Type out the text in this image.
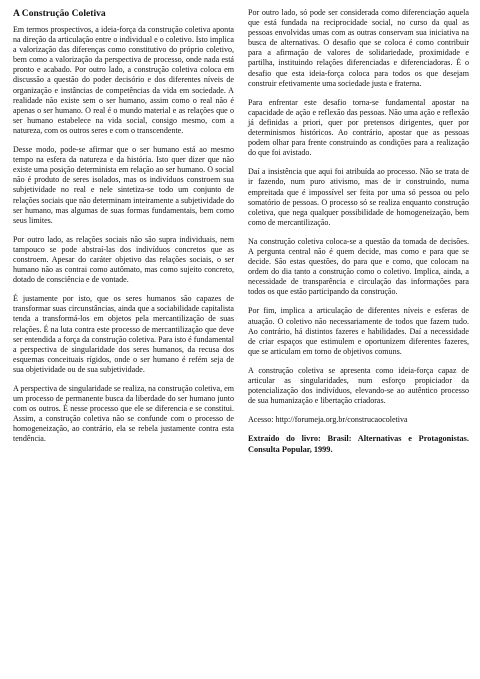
A Construção Coletiva

Em termos prospectivos, a ideia-força da construção coletiva aponta na direção da articulação entre o individual e o coletivo. Isto implica a valorização das diferenças como constitutivo do próprio coletivo, bem como a valorização da perspectiva de processo, onde nada está pronto e acabado. Por outro lado, a construção coletiva coloca em discussão a questão do poder decisório e dos diferentes níveis de organização e instâncias de competências da vida em sociedade. A realidade não existe sem o ser humano, assim como o real não é apenas o ser humano. O real é o mundo material e as relações que o ser humano estabelece na vida social, consigo mesmo, com a natureza, com os outros seres e com o transcendente.

Desse modo, pode-se afirmar que o ser humano está ao mesmo tempo na esfera da natureza e da história. Isto quer dizer que não existe uma posição determinista em relação ao ser humano. O social não é produto de seres isolados, mas os indivíduos constroem sua subjetividade no real e nele sintetiza-se todo um conjunto de relações sociais que não determinam inteiramente a subjetividade do ser humano, mas algumas de suas formas fundamentais, bem como seus limites.

Por outro lado, as relações sociais não são supra individuais, nem tampouco se pode abstraí-las dos indivíduos concretos que as constroem. Apesar do caráter objetivo das relações sociais, o ser humano não as contrai como autômato, mas como sujeito concreto, dotado de consciência e de vontade.

É justamente por isto, que os seres humanos são capazes de transformar suas circunstâncias, ainda que a sociabilidade capitalista tenda a transformá-los em objetos pela mercantilização de suas relações. É na luta contra este processo de mercantilização que deve ser entendida a força da construção coletiva. Para isto é fundamental a perspectiva de singularidade dos seres humanos, da recusa dos esquemas conceituais rígidos, onde o ser humano é refém seja de sua objetividade ou de sua subjetividade.

A perspectiva de singularidade se realiza, na construção coletiva, em um processo de permanente busca da liberdade do ser humano junto com os outros. É nesse processo que ele se diferencia e se constitui. Assim, a construção coletiva não se confunde com o processo de homogeneização, ao contrário, ela se rebela justamente contra esta tendência.

Por outro lado, só pode ser considerada como diferenciação aquela que está fundada na reciprocidade social, no curso da qual as pessoas envolvidas umas com as outras conservam sua iniciativa na busca de alternativas. O desafio que se coloca é como contribuir para a afirmação de valores de solidariedade, proximidade e partilha, instituindo relações diferenciadas e diferenciadoras. É o desafio que esta ideia-força coloca para todos os que desejam construir efetivamente uma sociedade justa e fraterna.

Para enfrentar este desafio torna-se fundamental apostar na capacidade de ação e reflexão das pessoas. Não uma ação e reflexão já definidas a priori, quer por pretensos dirigentes, quer por determinismos históricos. Ao contrário, apostar que as pessoas podem olhar para frente construindo as condições para a realização do que foi avistado.

Daí a insistência que aqui foi atribuída ao processo. Não se trata de ir fazendo, num puro ativismo, mas de ir construindo, numa empreitada que é impossível ser feita por uma só pessoa ou pelo somatório de pessoas. O processo só se realiza enquanto construção coletiva, que nega qualquer possibilidade de homogeneização, bem como de mercantilização.

Na construção coletiva coloca-se a questão da tomada de decisões. A pergunta central não é quem decide, mas como e para que se decide. São estas questões, do para que e como, que colocam na ordem do dia tanto a construção como o coletivo. Implica, ainda, a necessidade de transparência e circulação das informações para todos os que estão participando da construção.

Por fim, implica a articulação de diferentes níveis e esferas de atuação. O coletivo não necessariamente de todos que fazem tudo. Ao contrário, há distintos fazeres e habilidades. Daí a necessidade de criar espaços que estimulem e oportunizem diferentes fazeres, que se articulam em torno de objetivos comuns.

A construção coletiva se apresenta como ideia-força capaz de articular as singularidades, num esforço propiciador da potencialização dos indivíduos, elevando-se ao autêntico processo de sua humanização e libertação criadoras.

Acesso: http://forumeja.org.br/construcaocoletiva

Extraído do livro: Brasil: Alternativas e Protagonistas. Consulta Popular, 1999.
